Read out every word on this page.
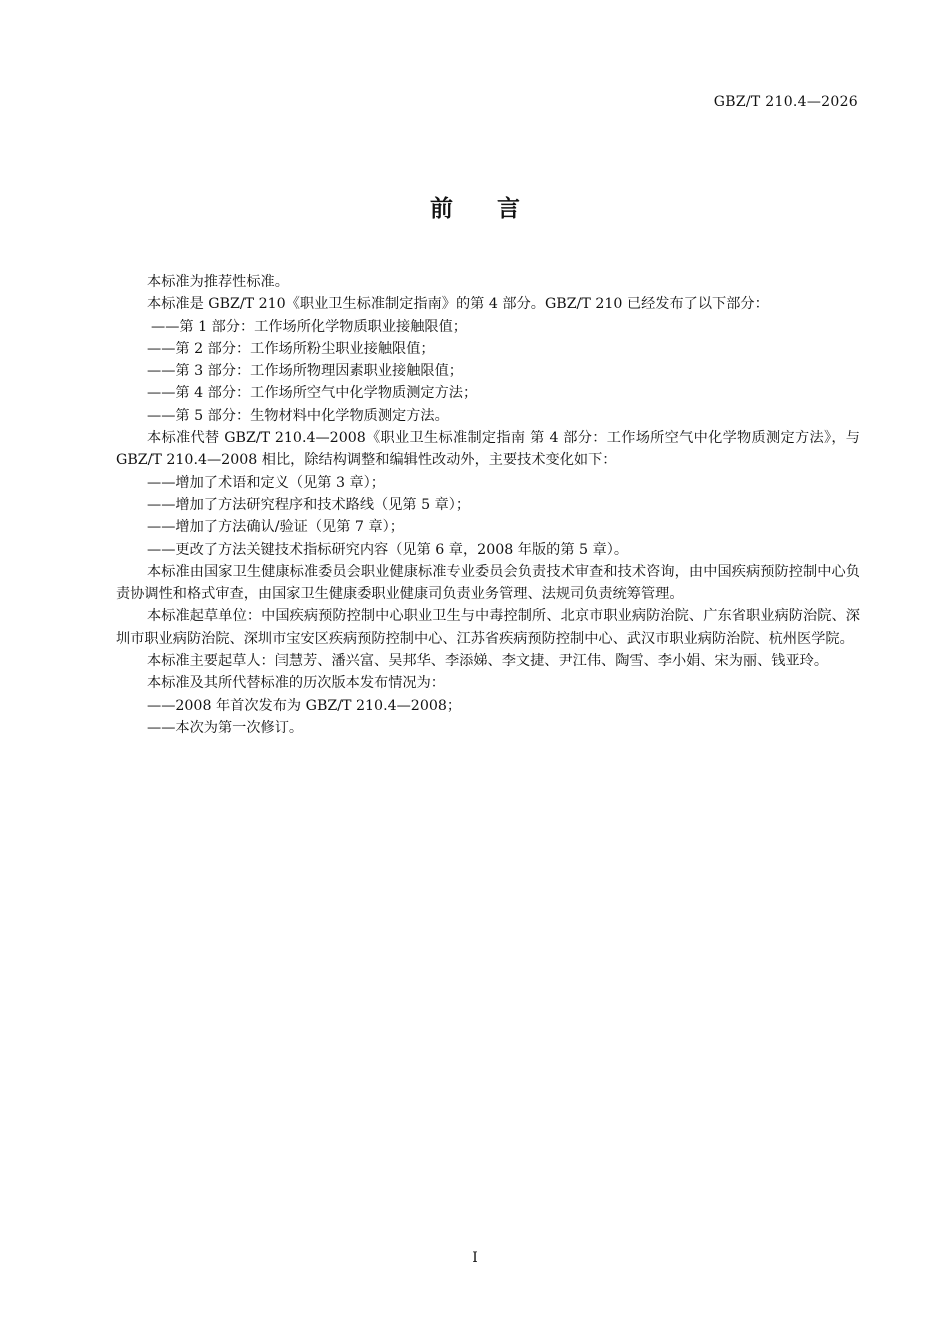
GBZ/T 210.4—2026
前言

本标准为推荐性标准。

本标准是 GBZ/T 210《职业卫生标准制定指南》的第 4 部分。GBZ/T 210 已经发布了以下部分：

——第 1 部分：工作场所化学物质职业接触限值；

——第 2 部分：工作场所粉尘职业接触限值；

——第 3 部分：工作场所物理因素职业接触限值；

——第 4 部分：工作场所空气中化学物质测定方法；

——第 5 部分：生物材料中化学物质测定方法。

本标准代替 GBZ/T 210.4—2008《职业卫生标准制定指南 第 4 部分：工作场所空气中化学物质测定方法》，与 GBZ/T 210.4—2008 相比，除结构调整和编辑性改动外，主要技术变化如下：

——增加了术语和定义（见第 3 章）；

——增加了方法研究程序和技术路线（见第 5 章）；

——增加了方法确认/验证（见第 7 章）；

——更改了方法关键技术指标研究内容（见第 6 章，2008 年版的第 5 章）。

本标准由国家卫生健康标准委员会职业健康标准专业委员会负责技术审查和技术咨询，由中国疾病预防控制中心负责协调性和格式审查，由国家卫生健康委职业健康司负责业务管理、法规司负责统筹管理。

本标准起草单位：中国疾病预防控制中心职业卫生与中毒控制所、北京市职业病防治院、广东省职业病防治院、深圳市职业病防治院、深圳市宝安区疾病预防控制中心、江苏省疾病预防控制中心、武汉市职业病防治院、杭州医学院。

本标准主要起草人：闫慧芳、潘兴富、吴邦华、李添娣、李文捷、尹江伟、陶雪、李小娟、宋为丽、钱亚玲。

本标准及其所代替标准的历次版本发布情况为：

——2008 年首次发布为 GBZ/T 210.4—2008；

——本次为第一次修订。

I
